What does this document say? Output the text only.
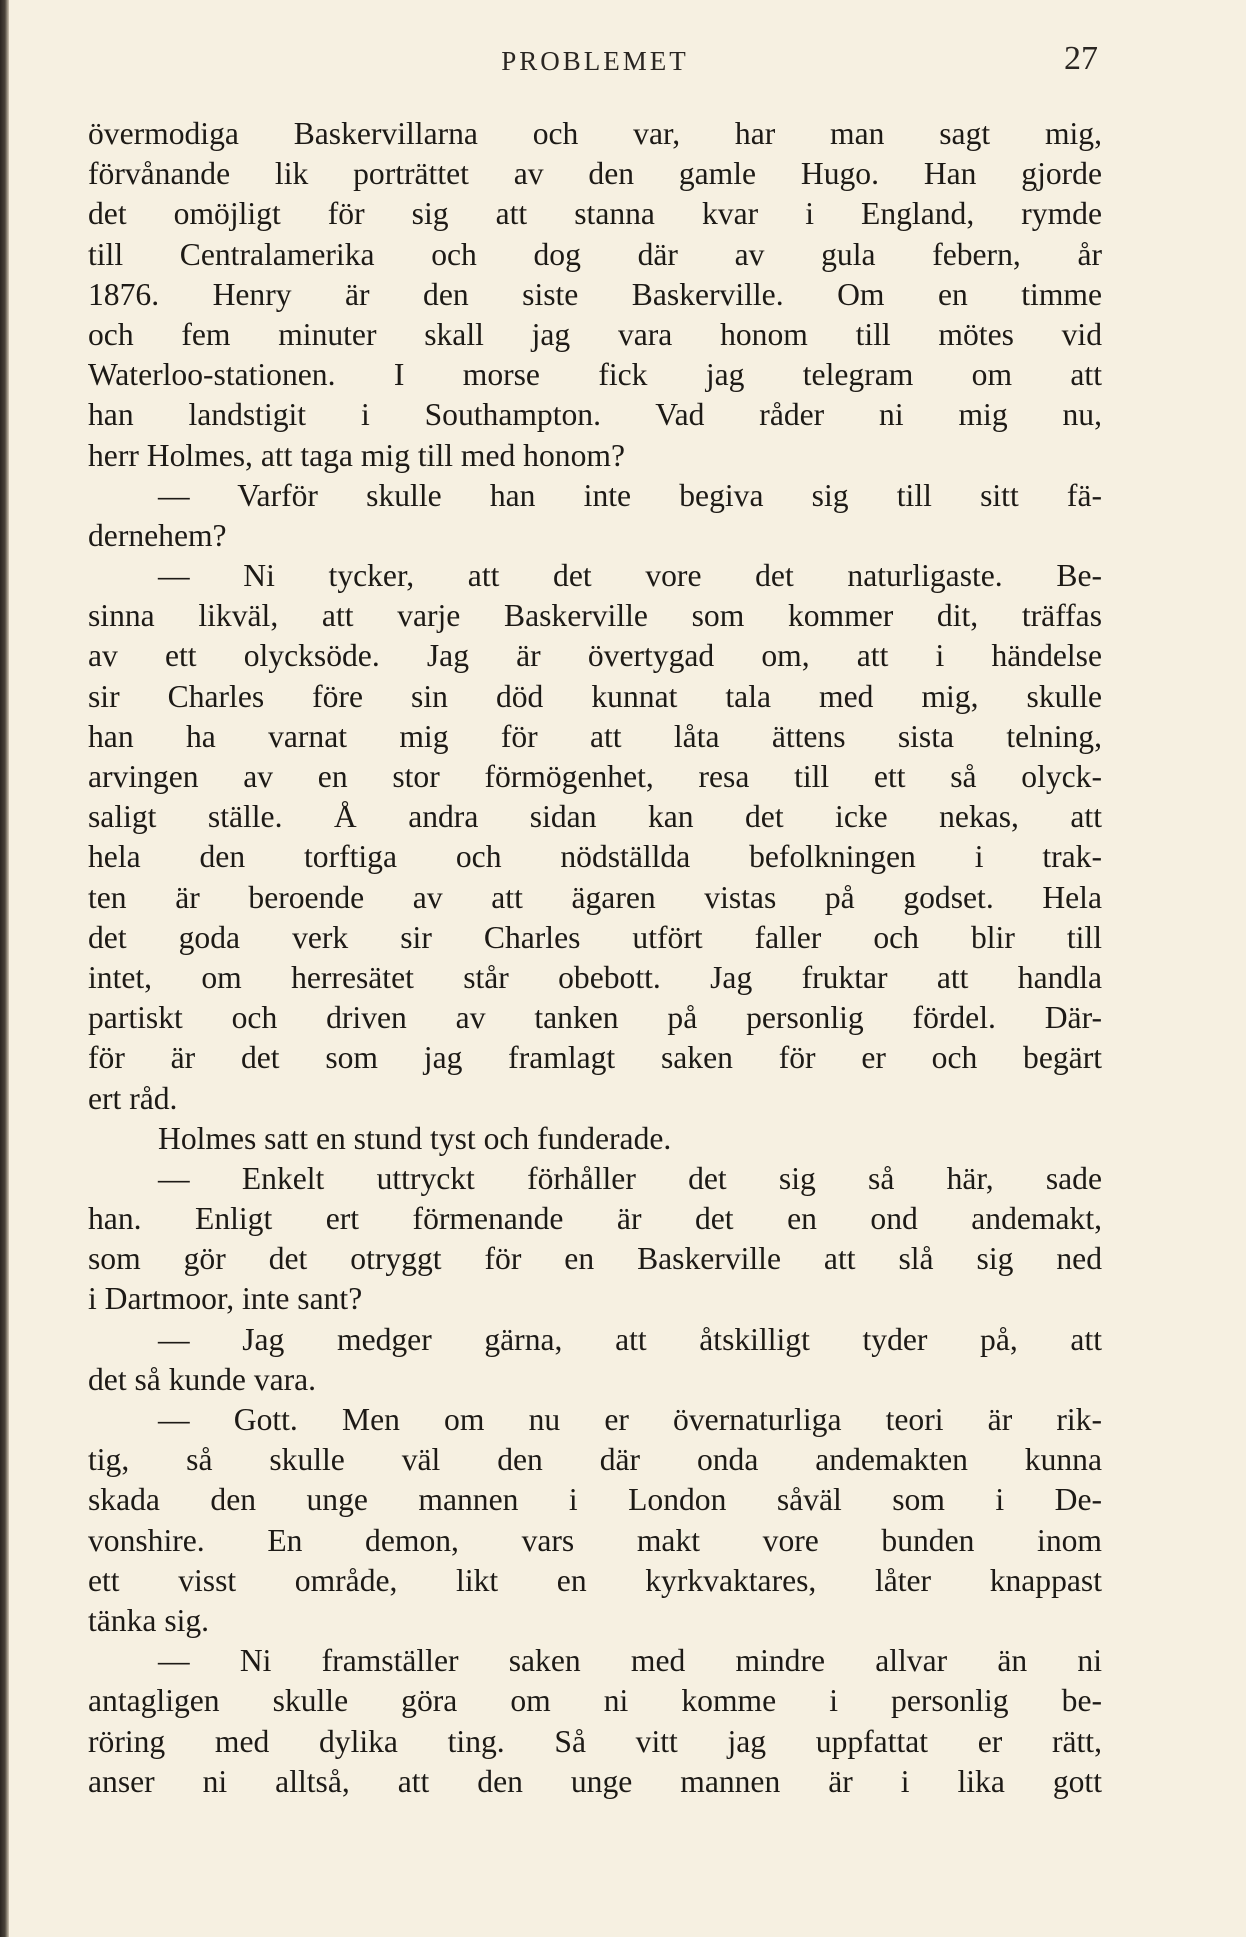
PROBLEMET	27
övermodiga Baskervillarna och var, har man sagt mig,
förvånande lik porträttet av den gamle Hugo. Han gjorde
det omöjligt för sig att stanna kvar i England, rymde
till Centralamerika och dog där av gula febern, år
1876. Henry är den siste Baskerville. Om en timme
och fem minuter skall jag vara honom till mötes vid
Waterloo-stationen. I morse fick jag telegram om att
han landstigit i Southampton. Vad råder ni mig nu,
herr Holmes, att taga mig till med honom?
— Varför skulle han inte begiva sig till sitt fä-
dernehem?
— Ni tycker, att det vore det naturligaste. Be-
sinna likväl, att varje Baskerville som kommer dit, träffas
av ett olycksöde. Jag är övertygad om, att i händelse
sir Charles före sin död kunnat tala med mig, skulle
han ha varnat mig för att låta ättens sista telning,
arvingen av en stor förmögenhet, resa till ett så olyck-
saligt ställe. Å andra sidan kan det icke nekas, att
hela den torftiga och nödställda befolkningen i trak-
ten är beroende av att ägaren vistas på godset. Hela
det goda verk sir Charles utfört faller och blir till
intet, om herresätet står obebott. Jag fruktar att handla
partiskt och driven av tanken på personlig fördel. Där-
för är det som jag framlagt saken för er och begärt
ert råd.
Holmes satt en stund tyst och funderade.
— Enkelt uttryckt förhåller det sig så här, sade
han. Enligt ert förmenande är det en ond andemakt,
som gör det otryggt för en Baskerville att slå sig ned
i Dartmoor, inte sant?
— Jag medger gärna, att åtskilligt tyder på, att
det så kunde vara.
— Gott. Men om nu er övernaturliga teori är rik-
tig, så skulle väl den där onda andemakten kunna
skada den unge mannen i London såväl som i De-
vonshire. En demon, vars makt vore bunden inom
ett visst område, likt en kyrkvaktares, låter knappast
tänka sig.
— Ni framställer saken med mindre allvar än ni
antagligen skulle göra om ni komme i personlig be-
röring med dylika ting. Så vitt jag uppfattat er rätt,
anser ni alltså, att den unge mannen är i lika gott
